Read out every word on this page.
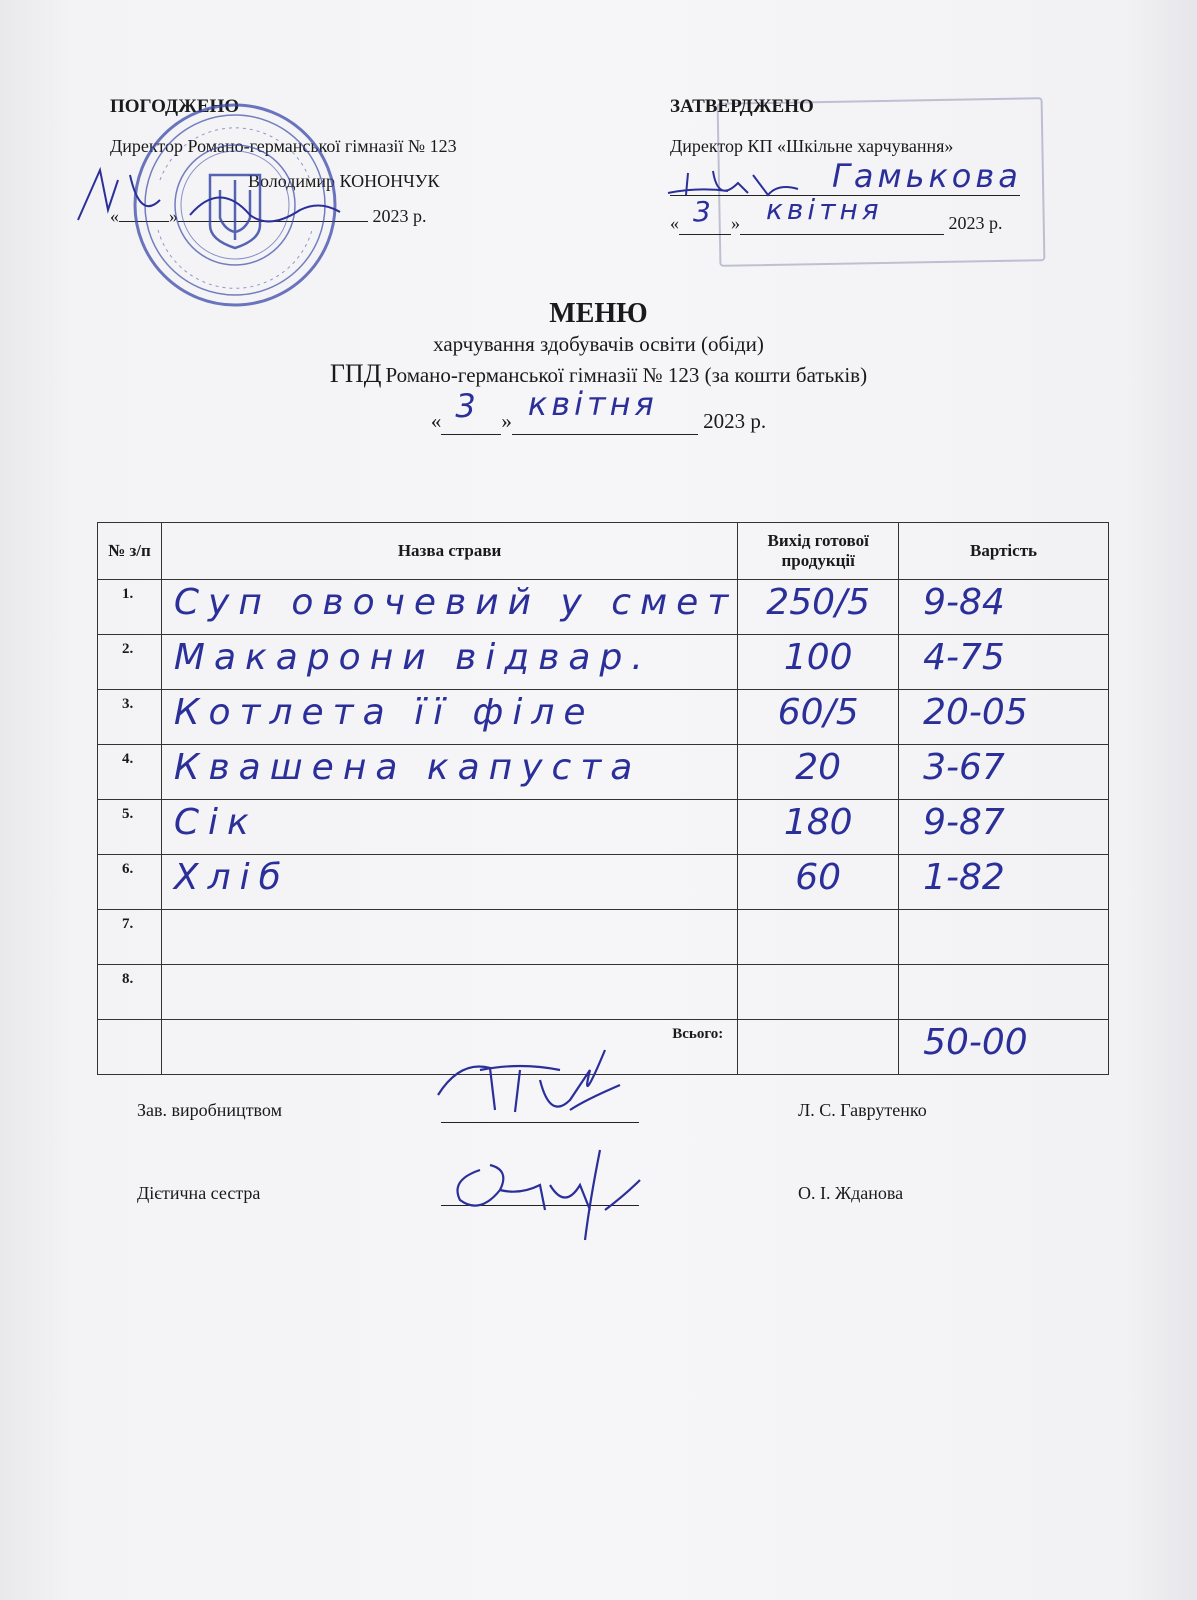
ПОГОДЖЕНО
Директор Романо-германської гімназії № 123
Володимир КОНОНЧУК
«	»	2023 р.
ЗАТВЕРДЖЕНО
Директор КП «Шкільне харчування»
Гамькова
« 3 » квітня	2023 р.
МЕНЮ
харчування здобувачів освіти (обіди)
ГПД Романо-германської гімназії № 123 (за кошти батьків)
« 3 » квітня 2023 р.
№ з/п	Назва страви	Вихід готової продукції	Вартість
1.	Суп овочевий у смет	250/5	9-84
2.	Макарони відвар.	100	4-75
3.	Котлета її філе	60/5	20-05
4.	Квашена капуста	20	3-67
5.	Сік	180	9-87
6.	Хліб	60	1-82
7.			
8.			
	Всього:		50-00
Зав. виробництвом	Л. С. Гаврутенко
Дієтична сестра	О. І. Жданова
